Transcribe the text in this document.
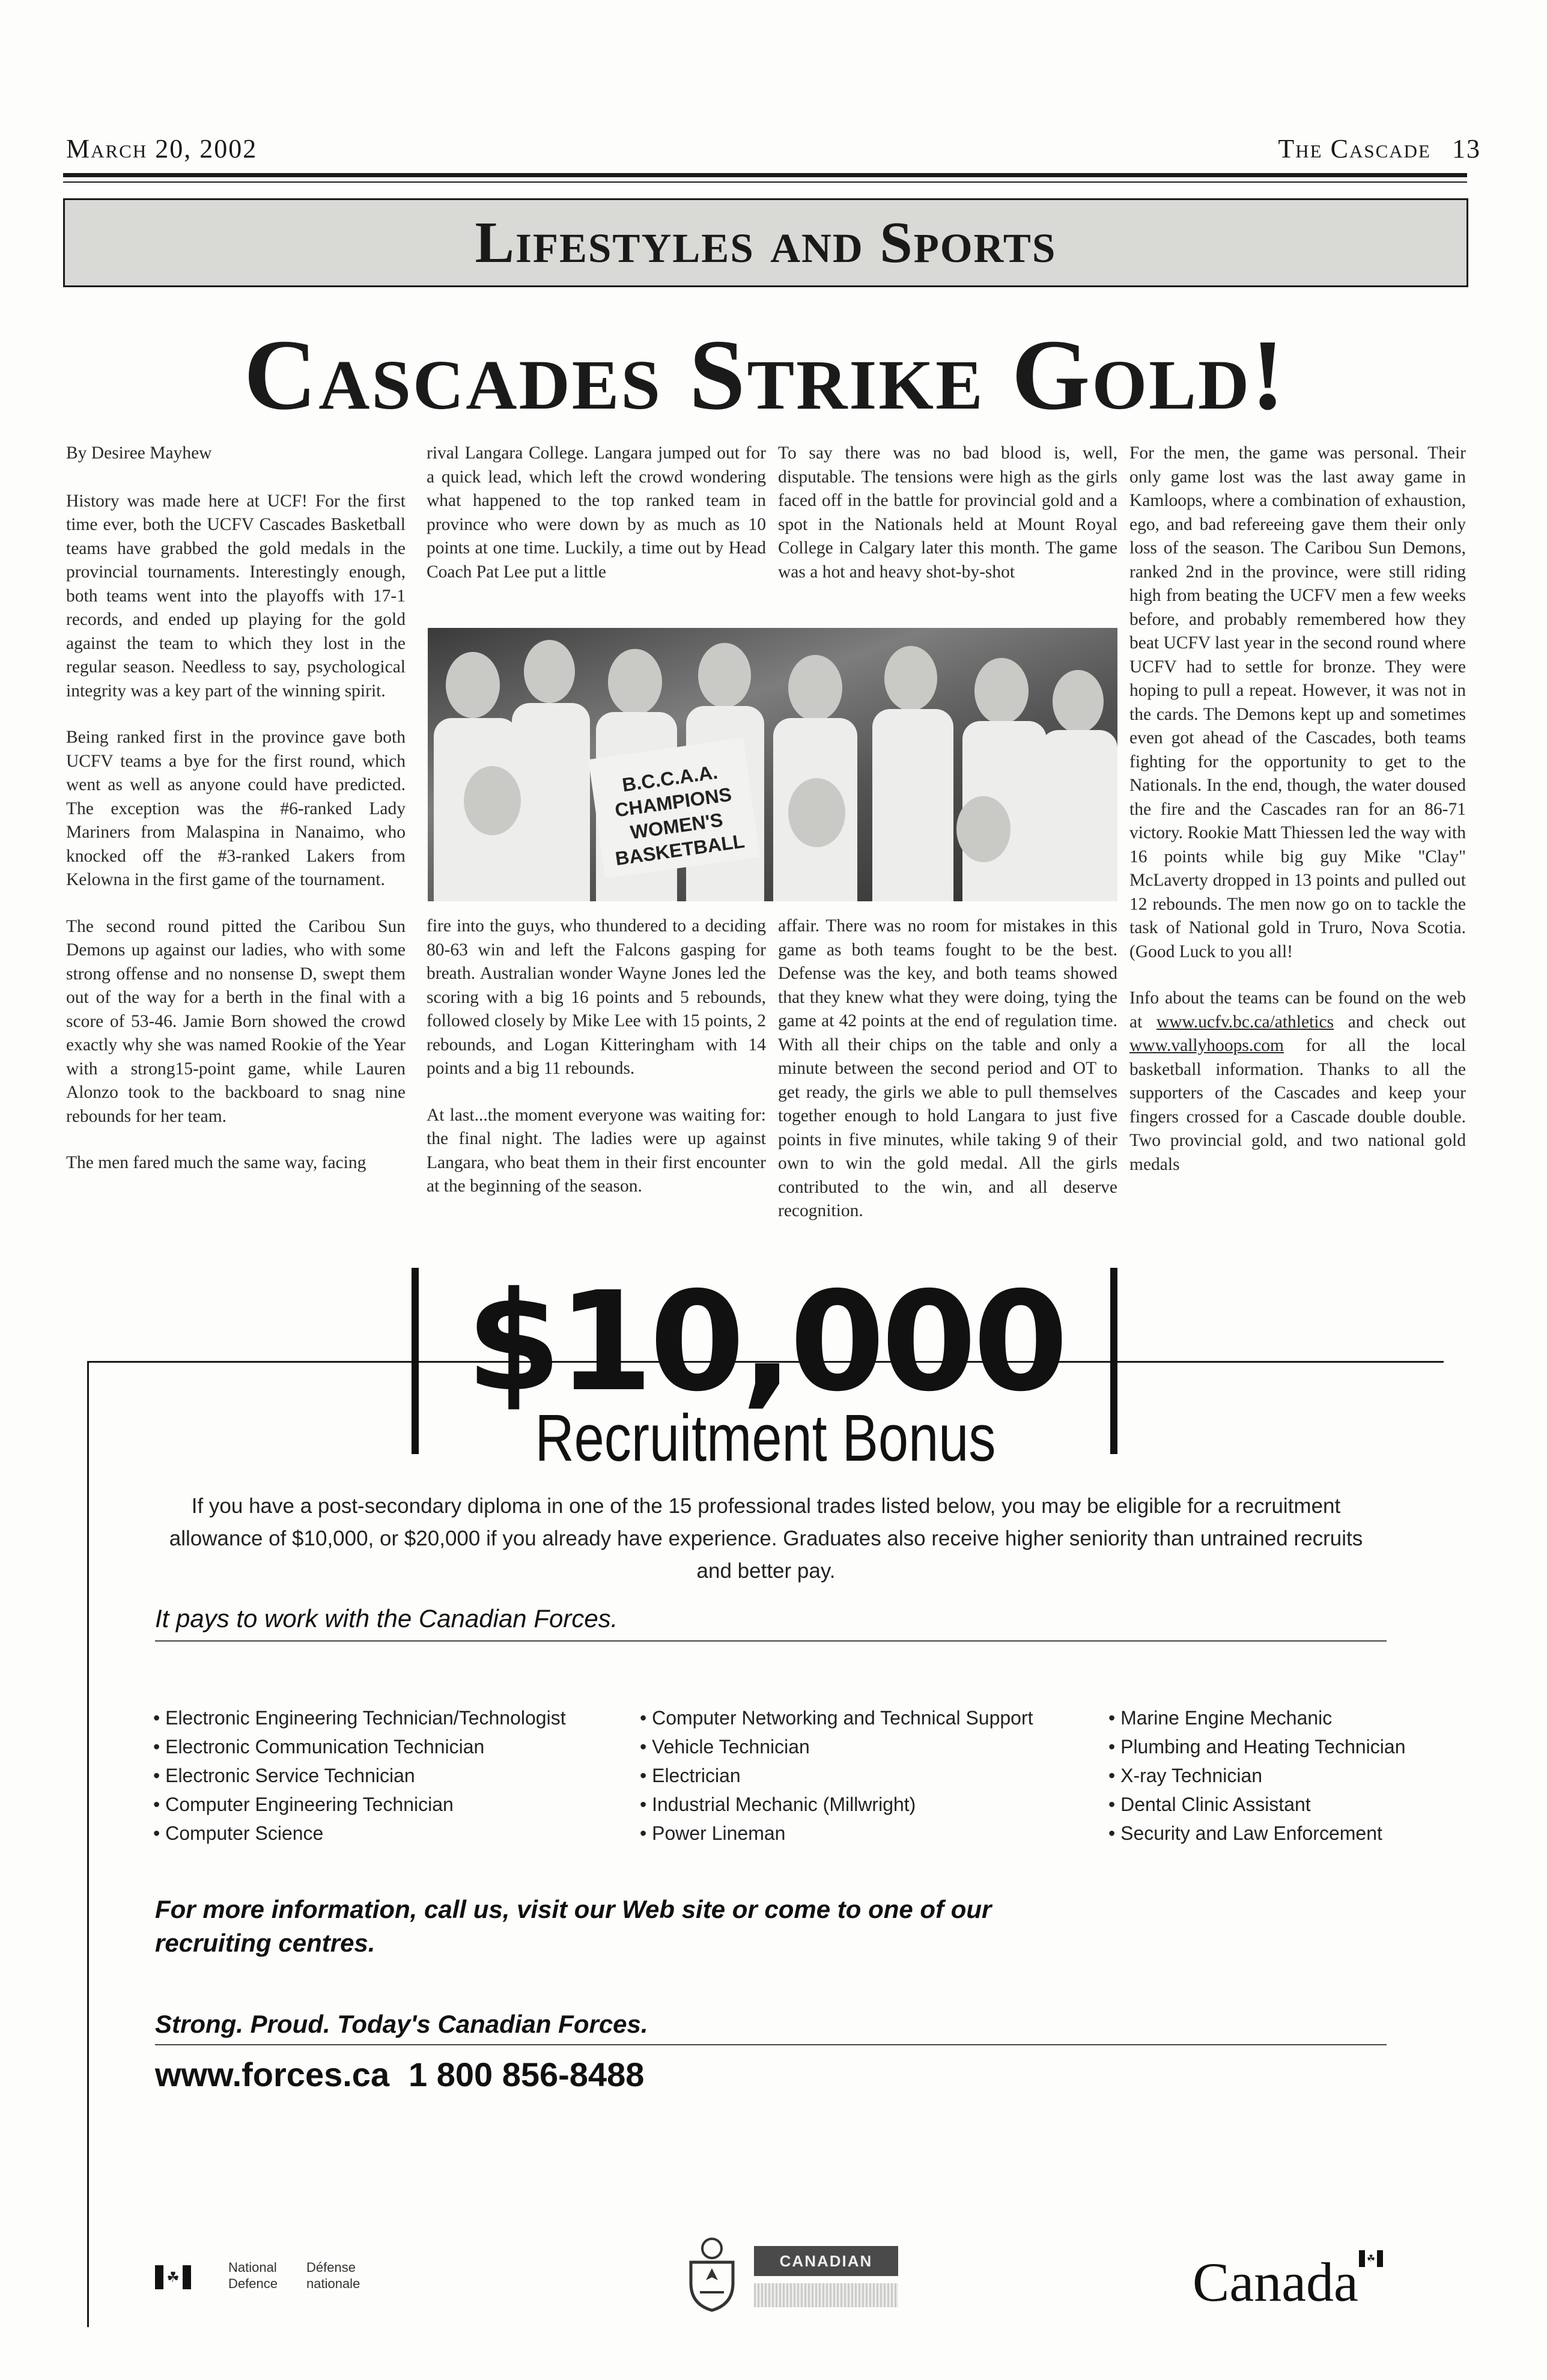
March 20, 2002	The Cascade 13
Lifestyles and Sports
Cascades Strike Gold!

By Desiree Mayhew

History was made here at UCF! For the first time ever, both the UCFV Cascades Basketball teams have grabbed the gold medals in the provincial tournaments. Interestingly enough, both teams went into the playoffs with 17-1 records, and ended up playing for the gold against the team to which they lost in the regular season. Needless to say, psychological integrity was a key part of the winning spirit.

Being ranked first in the province gave both UCFV teams a bye for the first round, which went as well as anyone could have predicted. The exception was the #6-ranked Lady Mariners from Malaspina in Nanaimo, who knocked off the #3-ranked Lakers from Kelowna in the first game of the tournament.

The second round pitted the Caribou Sun Demons up against our ladies, who with some strong offense and no nonsense D, swept them out of the way for a berth in the final with a score of 53-46. Jamie Born showed the crowd exactly why she was named Rookie of the Year with a strong15-point game, while Lauren Alonzo took to the backboard to snag nine rebounds for her team.

The men fared much the same way, facing

rival Langara College. Langara jumped out for a quick lead, which left the crowd wondering what happened to the top ranked team in province who were down by as much as 10 points at one time. Luckily, a time out by Head Coach Pat Lee put a little

To say there was no bad blood is, well, disputable. The tensions were high as the girls faced off in the battle for provincial gold and a spot in the Nationals held at Mount Royal College in Calgary later this month. The game was a hot and heavy shot-by-shot

B.C.C.A.A. CHAMPIONS WOMEN'S BASKETBALL

fire into the guys, who thundered to a deciding 80-63 win and left the Falcons gasping for breath. Australian wonder Wayne Jones led the scoring with a big 16 points and 5 rebounds, followed closely by Mike Lee with 15 points, 2 rebounds, and Logan Kitteringham with 14 points and a big 11 rebounds.

At last...the moment everyone was waiting for: the final night. The ladies were up against Langara, who beat them in their first encounter at the beginning of the season.

affair. There was no room for mistakes in this game as both teams fought to be the best. Defense was the key, and both teams showed that they knew what they were doing, tying the game at 42 points at the end of regulation time. With all their chips on the table and only a minute between the second period and OT to get ready, the girls we able to pull themselves together enough to hold Langara to just five points in five minutes, while taking 9 of their own to win the gold medal. All the girls contributed to the win, and all deserve recognition.

For the men, the game was personal. Their only game lost was the last away game in Kamloops, where a combination of exhaustion, ego, and bad refereeing gave them their only loss of the season. The Caribou Sun Demons, ranked 2nd in the province, were still riding high from beating the UCFV men a few weeks before, and probably remembered how they beat UCFV last year in the second round where UCFV had to settle for bronze. They were hoping to pull a repeat. However, it was not in the cards. The Demons kept up and sometimes even got ahead of the Cascades, both teams fighting for the opportunity to get to the Nationals. In the end, though, the water doused the fire and the Cascades ran for an 86-71 victory. Rookie Matt Thiessen led the way with 16 points while big guy Mike "Clay" McLaverty dropped in 13 points and pulled out 12 rebounds. The men now go on to tackle the task of National gold in Truro, Nova Scotia. (Good Luck to you all!

Info about the teams can be found on the web at www.ucfv.bc.ca/athletics and check out www.vallyhoops.com for all the local basketball information. Thanks to all the supporters of the Cascades and keep your fingers crossed for a Cascade double double. Two provincial gold, and two national gold medals

$10,000
Recruitment Bonus
If you have a post-secondary diploma in one of the 15 professional trades listed below, you may be eligible for a recruitment allowance of $10,000, or $20,000 if you already have experience. Graduates also receive higher seniority than untrained recruits and better pay.
It pays to work with the Canadian Forces.
• Electronic Engineering Technician/Technologist
• Electronic Communication Technician
• Electronic Service Technician
• Computer Engineering Technician
• Computer Science
• Computer Networking and Technical Support
• Vehicle Technician
• Electrician
• Industrial Mechanic (Millwright)
• Power Lineman
• Marine Engine Mechanic
• Plumbing and Heating Technician
• X-ray Technician
• Dental Clinic Assistant
• Security and Law Enforcement
For more information, call us, visit our Web site or come to one of our recruiting centres.
Strong. Proud. Today's Canadian Forces.
www.forces.ca 1 800 856-8488
☘
National
Defence
Défense
nationale
CANADIAN	Canada ☘
